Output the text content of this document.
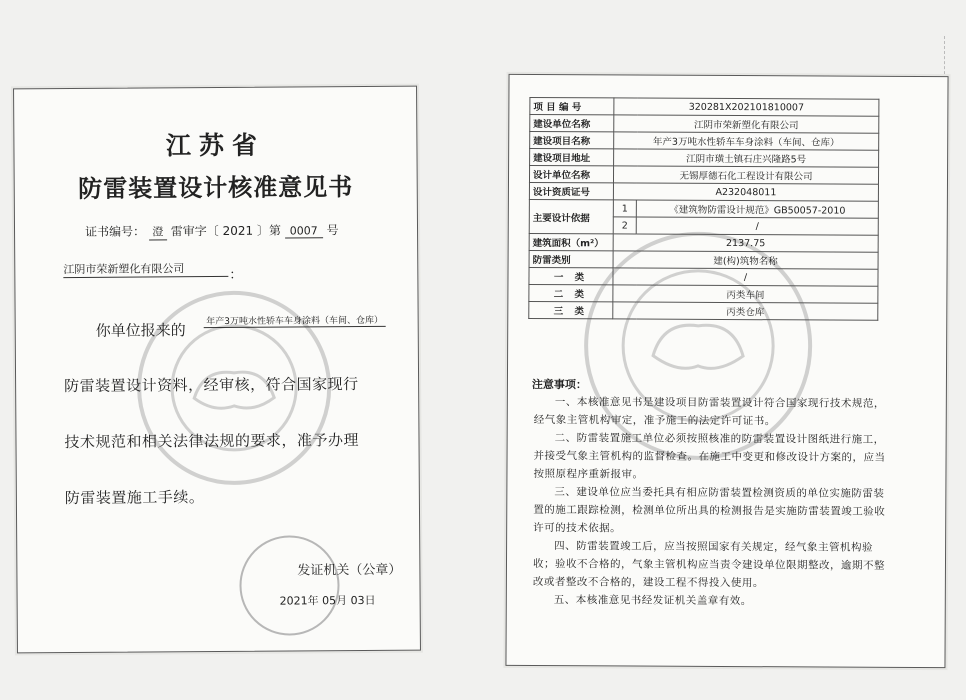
江苏省
防雷装置设计核准意见书
证书编号： 澄 雷审字〔 2021 〕第 0007 号
江阴市荣新塑化有限公司	：
你单位报来的 年产3万吨水性轿车车身涂料（车间、仓库）
防雷装置设计资料，经审核，符合国家现行
技术规范和相关法律法规的要求，准予办理
防雷装置施工手续。
发证机关（公章）
2021年 05月 03日
项 目 编 号	320281X202101810007	
建设单位名称	江阴市荣新塑化有限公司	
建设项目名称	年产3万吨水性轿车车身涂料（车间、仓库）	
建设项目地址	江阴市璜土镇石庄兴隆路5号	
设计单位名称	无锡厚德石化工程设计有限公司	
设计资质证号	A232048011	
主要设计依据	1	《建筑物防雷设计规范》GB50057-2010
	2	/
建筑面积（m²）	2137.75	
防雷类别	建(构)筑物名称	
一 类	/	
二 类	丙类车间	
三 类	丙类仓库	
注意事项：
一、本核准意见书是建设项目防雷装置设计符合国家现行技术规范，经气象主管机构审定，准予施工的法定许可证书。
二、防雷装置施工单位必须按照核准的防雷装置设计图纸进行施工，并接受气象主管机构的监督检查。在施工中变更和修改设计方案的，应当按照原程序重新报审。
三、建设单位应当委托具有相应防雷装置检测资质的单位实施防雷装置的施工跟踪检测，检测单位所出具的检测报告是实施防雷装置竣工验收许可的技术依据。
四、防雷装置竣工后，应当按照国家有关规定，经气象主管机构验收；验收不合格的，气象主管机构应当责令建设单位限期整改，逾期不整改或者整改不合格的，建设工程不得投入使用。
五、本核准意见书经发证机关盖章有效。
